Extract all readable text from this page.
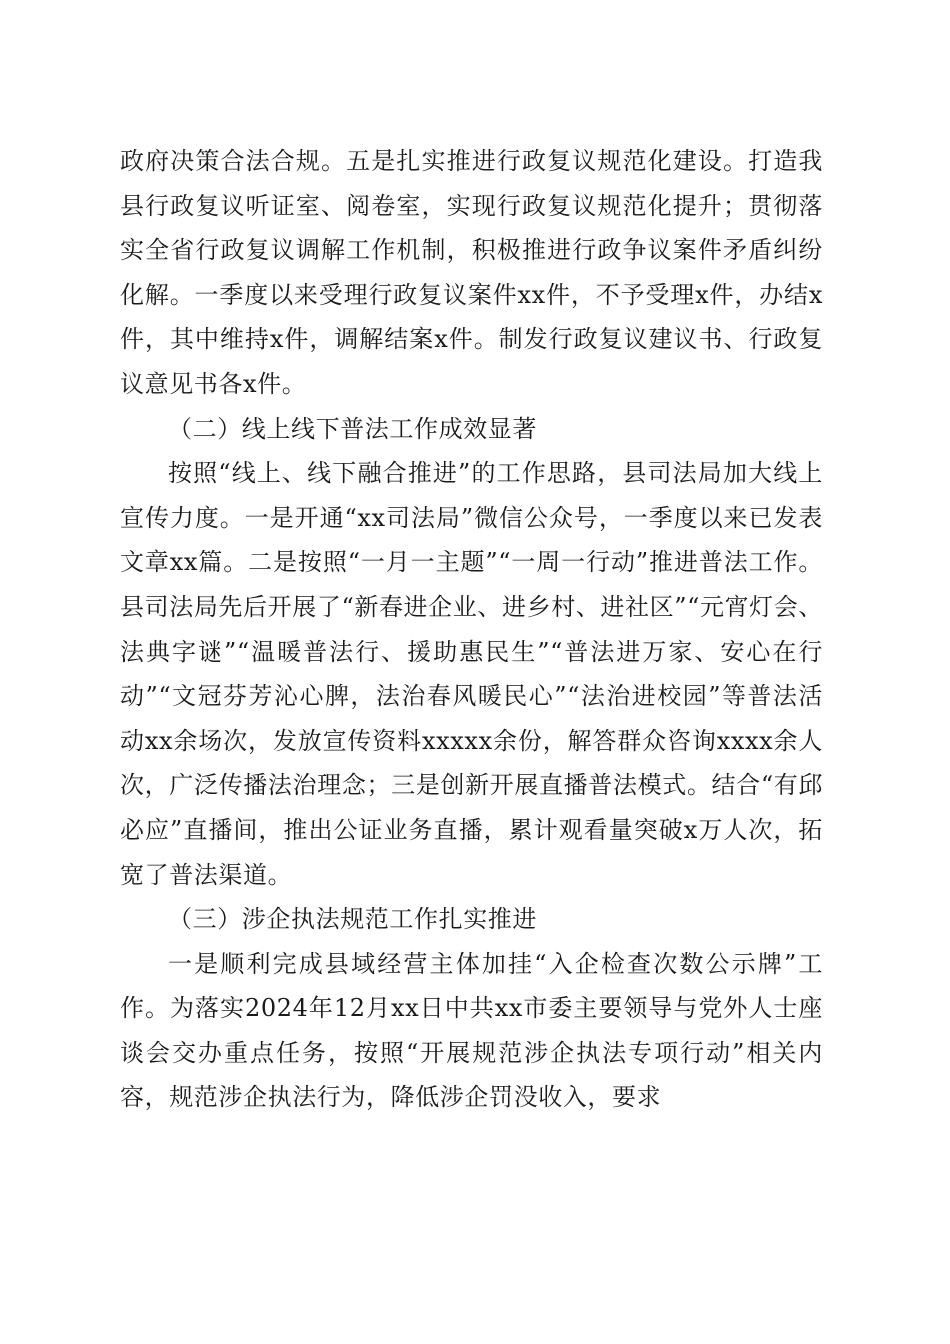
政府决策合法合规。五是扎实推进行政复议规范化建设。打造我县行政复议听证室、阅卷室，实现行政复议规范化提升；贯彻落实全省行政复议调解工作机制，积极推进行政争议案件矛盾纠纷化解。一季度以来受理行政复议案件xx件，不予受理x件，办结x件，其中维持x件，调解结案x件。制发行政复议建议书、行政复议意见书各x件。

（二）线上线下普法工作成效显著

按照“线上、线下融合推进”的工作思路，县司法局加大线上宣传力度。一是开通“xx司法局”微信公众号，一季度以来已发表文章xx篇。二是按照“一月一主题”“一周一行动”推进普法工作。县司法局先后开展了“新春进企业、进乡村、进社区”“元宵灯会、法典字谜”“温暖普法行、援助惠民生”“普法进万家、安心在行动”“文冠芬芳沁心脾，法治春风暖民心”“法治进校园”等普法活动xx余场次，发放宣传资料xxxxx余份，解答群众咨询xxxx余人次，广泛传播法治理念；三是创新开展直播普法模式。结合“有邱必应”直播间，推出公证业务直播，累计观看量突破x万人次，拓宽了普法渠道。

（三）涉企执法规范工作扎实推进

一是顺利完成县域经营主体加挂“入企检查次数公示牌”工作。为落实2024年12月xx日中共xx市委主要领导与党外人士座谈会交办重点任务，按照“开展规范涉企执法专项行动”相关内容，规范涉企执法行为，降低涉企罚没收入，要求
